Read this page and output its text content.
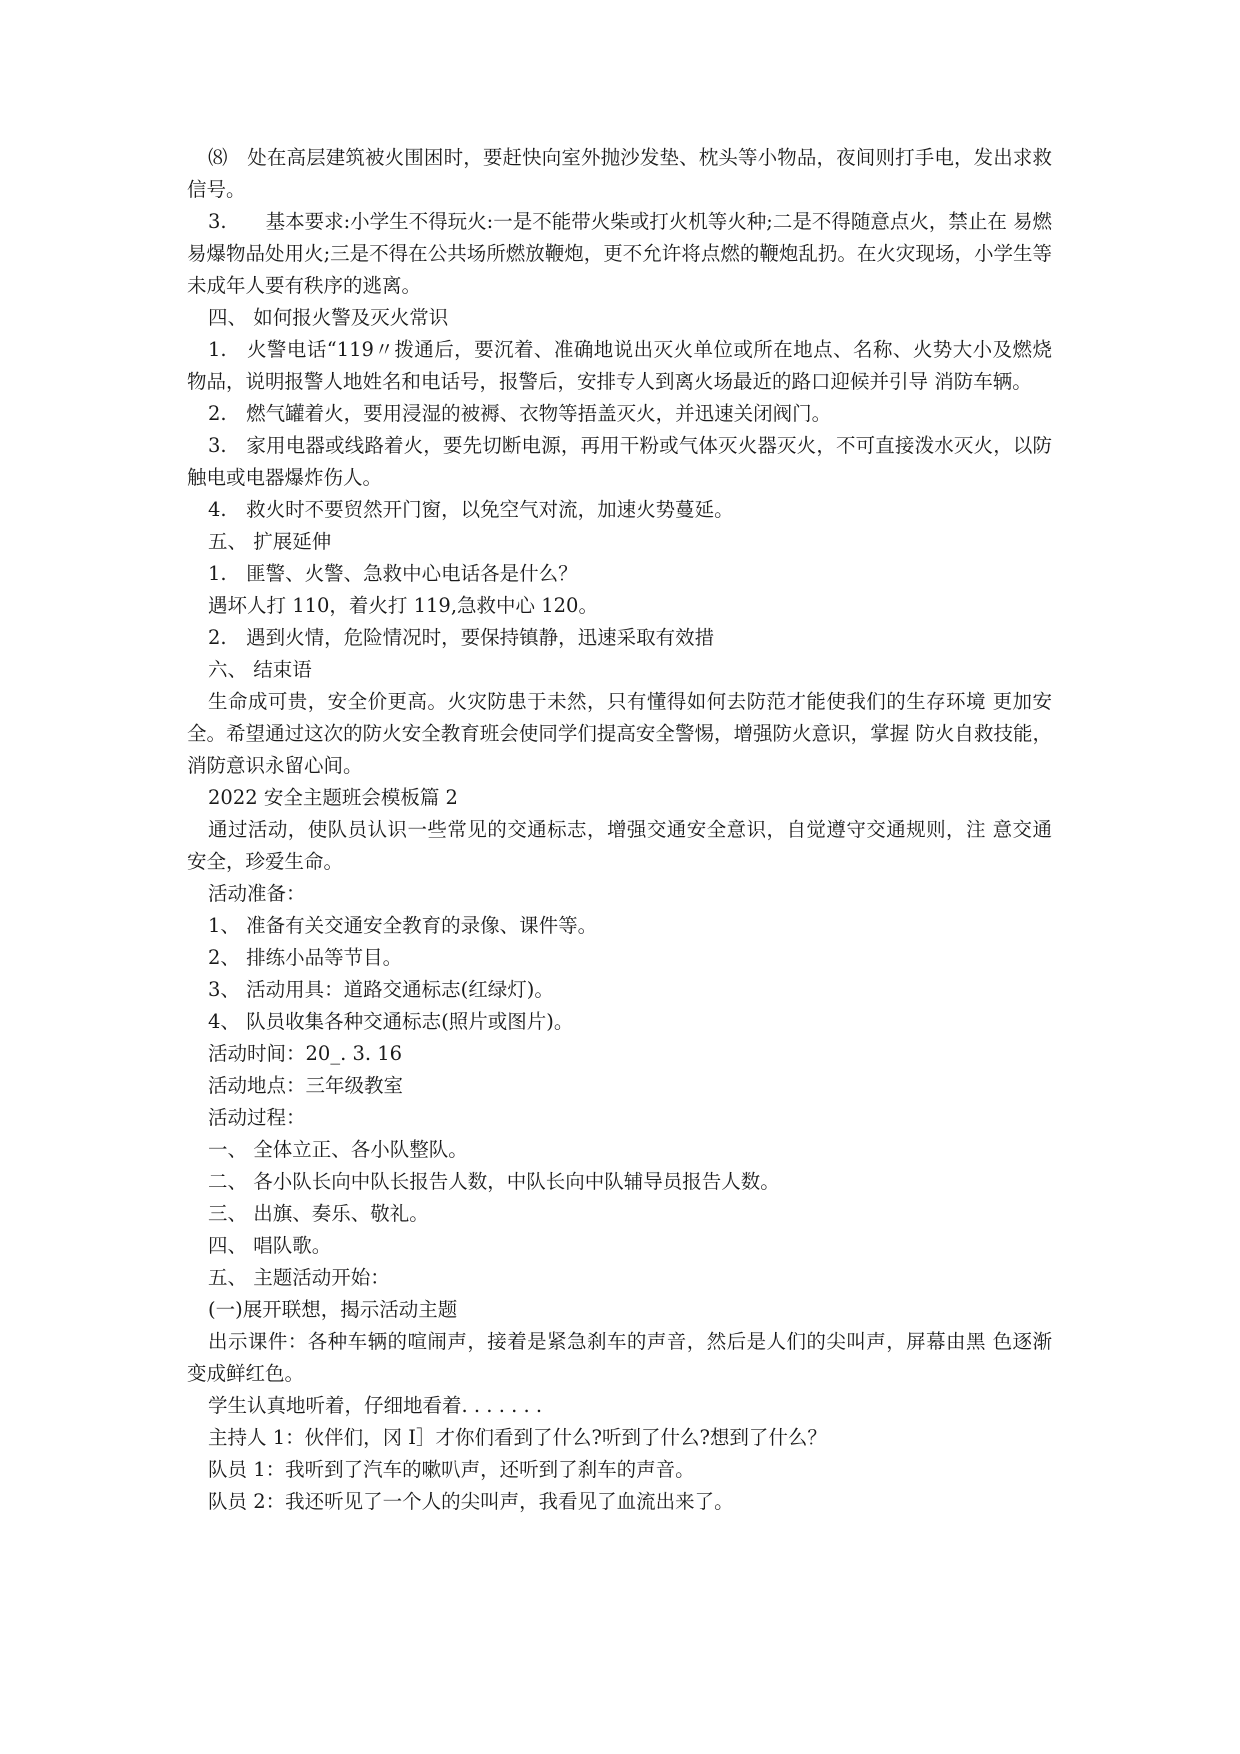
⑻　处在高层建筑被火围困时，要赶快向室外抛沙发垫、枕头等小物品，夜间则打手电，发出求救信号。

3.　　基本要求:小学生不得玩火:一是不能带火柴或打火机等火种;二是不得随意点火，禁止在 易燃易爆物品处用火;三是不得在公共场所燃放鞭炮，更不允许将点燃的鞭炮乱扔。在火灾现场，小学生等未成年人要有秩序的逃离。

四、 如何报火警及灭火常识

1.　火警电话“119〃拨通后，要沉着、准确地说出灭火单位或所在地点、名称、火势大小及燃烧物品，说明报警人地姓名和电话号，报警后，安排专人到离火场最近的路口迎候并引导 消防车辆。

2.　燃气罐着火，要用浸湿的被褥、衣物等捂盖灭火，并迅速关闭阀门。

3.　家用电器或线路着火，要先切断电源，再用干粉或气体灭火器灭火，不可直接泼水灭火，以防触电或电器爆炸伤人。

4.　救火时不要贸然开门窗，以免空气对流，加速火势蔓延。

五、 扩展延伸

1.　匪警、火警、急救中心电话各是什么？

遇坏人打 110，着火打 119,急救中心 120。

2.　遇到火情，危险情况时，要保持镇静，迅速采取有效措

六、 结束语

生命成可贵，安全价更高。火灾防患于未然，只有懂得如何去防范才能使我们的生存环境 更加安全。希望通过这次的防火安全教育班会使同学们提高安全警惕，增强防火意识，掌握 防火自救技能，消防意识永留心间。

2022 安全主题班会模板篇 2

通过活动，使队员认识一些常见的交通标志，增强交通安全意识，自觉遵守交通规则，注 意交通安全，珍爱生命。

活动准备：

1、 准备有关交通安全教育的录像、课件等。

2、 排练小品等节目。

3、 活动用具：道路交通标志(红绿灯)。

4、 队员收集各种交通标志(照片或图片)。

活动时间：20_. 3. 16

活动地点：三年级教室

活动过程：

一、 全体立正、各小队整队。

二、 各小队长向中队长报告人数，中队长向中队辅导员报告人数。

三、 出旗、奏乐、敬礼。

四、 唱队歌。

五、 主题活动开始：

(一)展开联想，揭示活动主题

出示课件：各种车辆的喧闹声，接着是紧急刹车的声音，然后是人们的尖叫声，屏幕由黑 色逐渐变成鲜红色。

学生认真地听着，仔细地看着. . . . . . .

主持人 1：伙伴们，冈 I］才你们看到了什么?听到了什么?想到了什么？

队员 1：我听到了汽车的嗽叭声，还听到了刹车的声音。

队员 2：我还听见了一个人的尖叫声，我看见了血流出来了。
